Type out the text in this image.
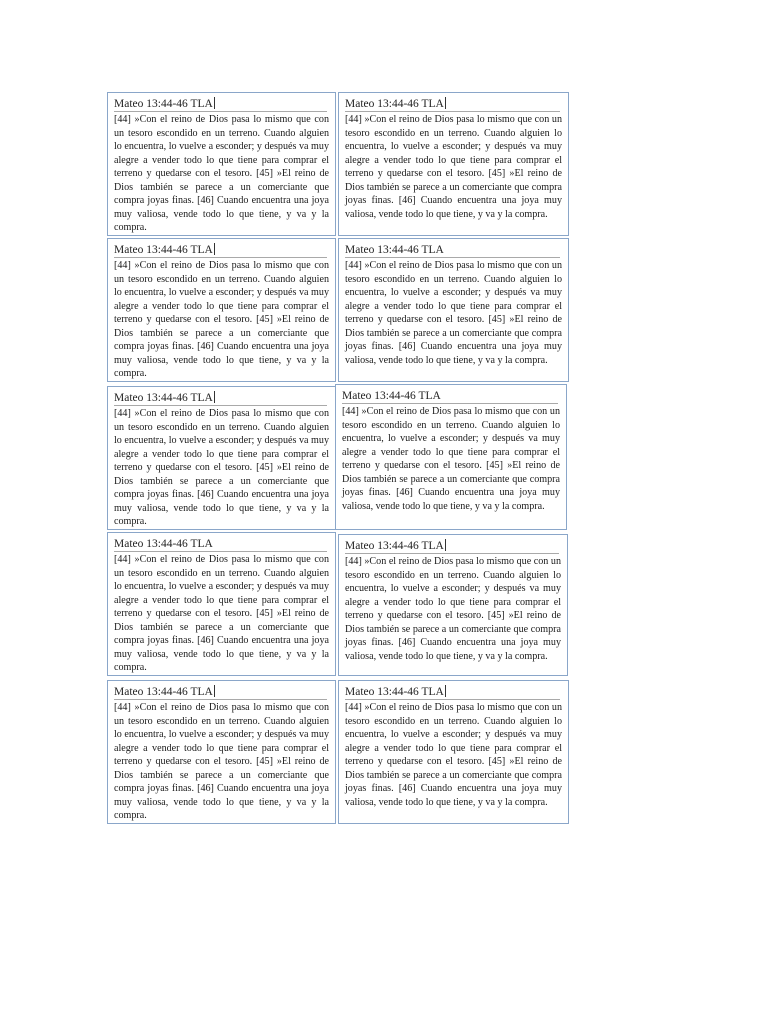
Mateo 13:44-46 TLA

[44] »Con el reino de Dios pasa lo mismo que con un tesoro escondido en un terreno. Cuando alguien lo encuentra, lo vuelve a esconder; y después va muy alegre a vender todo lo que tiene para comprar el terreno y quedarse con el tesoro. [45] »El reino de Dios también se parece a un comerciante que compra joyas finas. [46] Cuando encuentra una joya muy valiosa, vende todo lo que tiene, y va y la compra.

Mateo 13:44-46 TLA

[44] »Con el reino de Dios pasa lo mismo que con un tesoro escondido en un terreno. Cuando alguien lo encuentra, lo vuelve a esconder; y después va muy alegre a vender todo lo que tiene para comprar el terreno y quedarse con el tesoro. [45] »El reino de Dios también se parece a un comerciante que compra joyas finas. [46] Cuando encuentra una joya muy valiosa, vende todo lo que tiene, y va y la compra.

Mateo 13:44-46 TLA

[44] »Con el reino de Dios pasa lo mismo que con un tesoro escondido en un terreno. Cuando alguien lo encuentra, lo vuelve a esconder; y después va muy alegre a vender todo lo que tiene para comprar el terreno y quedarse con el tesoro. [45] »El reino de Dios también se parece a un comerciante que compra joyas finas. [46] Cuando encuentra una joya muy valiosa, vende todo lo que tiene, y va y la compra.

Mateo 13:44-46 TLA

[44] »Con el reino de Dios pasa lo mismo que con un tesoro escondido en un terreno. Cuando alguien lo encuentra, lo vuelve a esconder; y después va muy alegre a vender todo lo que tiene para comprar el terreno y quedarse con el tesoro. [45] »El reino de Dios también se parece a un comerciante que compra joyas finas. [46] Cuando encuentra una joya muy valiosa, vende todo lo que tiene, y va y la compra.

Mateo 13:44-46 TLA

[44] »Con el reino de Dios pasa lo mismo que con un tesoro escondido en un terreno. Cuando alguien lo encuentra, lo vuelve a esconder; y después va muy alegre a vender todo lo que tiene para comprar el terreno y quedarse con el tesoro. [45] »El reino de Dios también se parece a un comerciante que compra joyas finas. [46] Cuando encuentra una joya muy valiosa, vende todo lo que tiene, y va y la compra.

Mateo 13:44-46 TLA

[44] »Con el reino de Dios pasa lo mismo que con un tesoro escondido en un terreno. Cuando alguien lo encuentra, lo vuelve a esconder; y después va muy alegre a vender todo lo que tiene para comprar el terreno y quedarse con el tesoro. [45] »El reino de Dios también se parece a un comerciante que compra joyas finas. [46] Cuando encuentra una joya muy valiosa, vende todo lo que tiene, y va y la compra.

Mateo 13:44-46 TLA

[44] »Con el reino de Dios pasa lo mismo que con un tesoro escondido en un terreno. Cuando alguien lo encuentra, lo vuelve a esconder; y después va muy alegre a vender todo lo que tiene para comprar el terreno y quedarse con el tesoro. [45] »El reino de Dios también se parece a un comerciante que compra joyas finas. [46] Cuando encuentra una joya muy valiosa, vende todo lo que tiene, y va y la compra.

Mateo 13:44-46 TLA

[44] »Con el reino de Dios pasa lo mismo que con un tesoro escondido en un terreno. Cuando alguien lo encuentra, lo vuelve a esconder; y después va muy alegre a vender todo lo que tiene para comprar el terreno y quedarse con el tesoro. [45] »El reino de Dios también se parece a un comerciante que compra joyas finas. [46] Cuando encuentra una joya muy valiosa, vende todo lo que tiene, y va y la compra.

Mateo 13:44-46 TLA

[44] »Con el reino de Dios pasa lo mismo que con un tesoro escondido en un terreno. Cuando alguien lo encuentra, lo vuelve a esconder; y después va muy alegre a vender todo lo que tiene para comprar el terreno y quedarse con el tesoro. [45] »El reino de Dios también se parece a un comerciante que compra joyas finas. [46] Cuando encuentra una joya muy valiosa, vende todo lo que tiene, y va y la compra.

Mateo 13:44-46 TLA

[44] »Con el reino de Dios pasa lo mismo que con un tesoro escondido en un terreno. Cuando alguien lo encuentra, lo vuelve a esconder; y después va muy alegre a vender todo lo que tiene para comprar el terreno y quedarse con el tesoro. [45] »El reino de Dios también se parece a un comerciante que compra joyas finas. [46] Cuando encuentra una joya muy valiosa, vende todo lo que tiene, y va y la compra.
